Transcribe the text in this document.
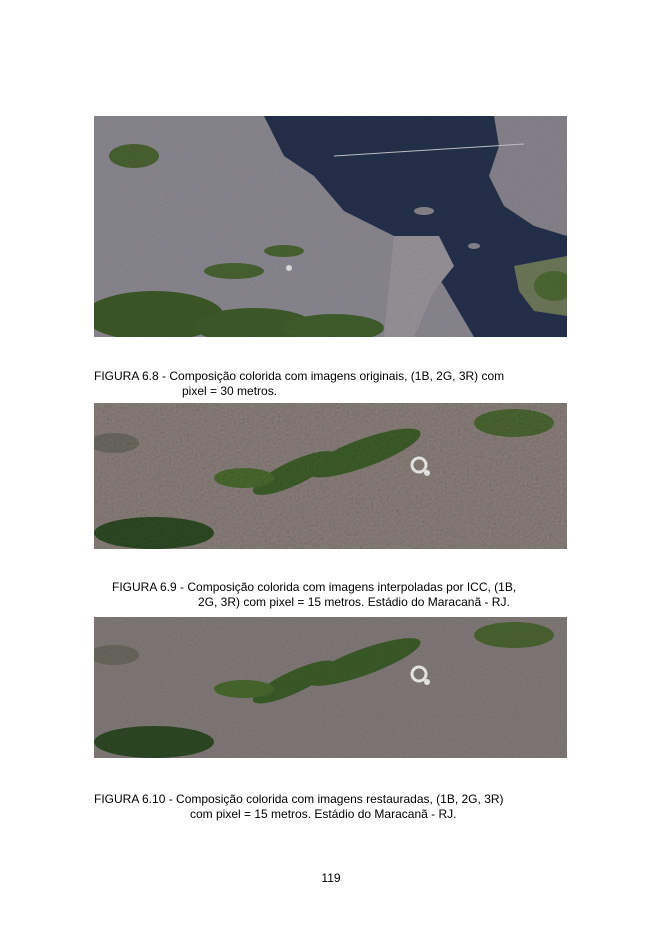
FIGURA 6.8 - Composição colorida com imagens originais, (1B, 2G, 3R) com
pixel = 30 metros.

FIGURA 6.9 - Composição colorida com imagens interpoladas por ICC, (1B,
2G, 3R) com pixel = 15 metros. Estádio do Maracanã - RJ.

FIGURA 6.10 - Composição colorida com imagens restauradas, (1B, 2G, 3R)
com pixel = 15 metros. Estádio do Maracanã - RJ.

119
